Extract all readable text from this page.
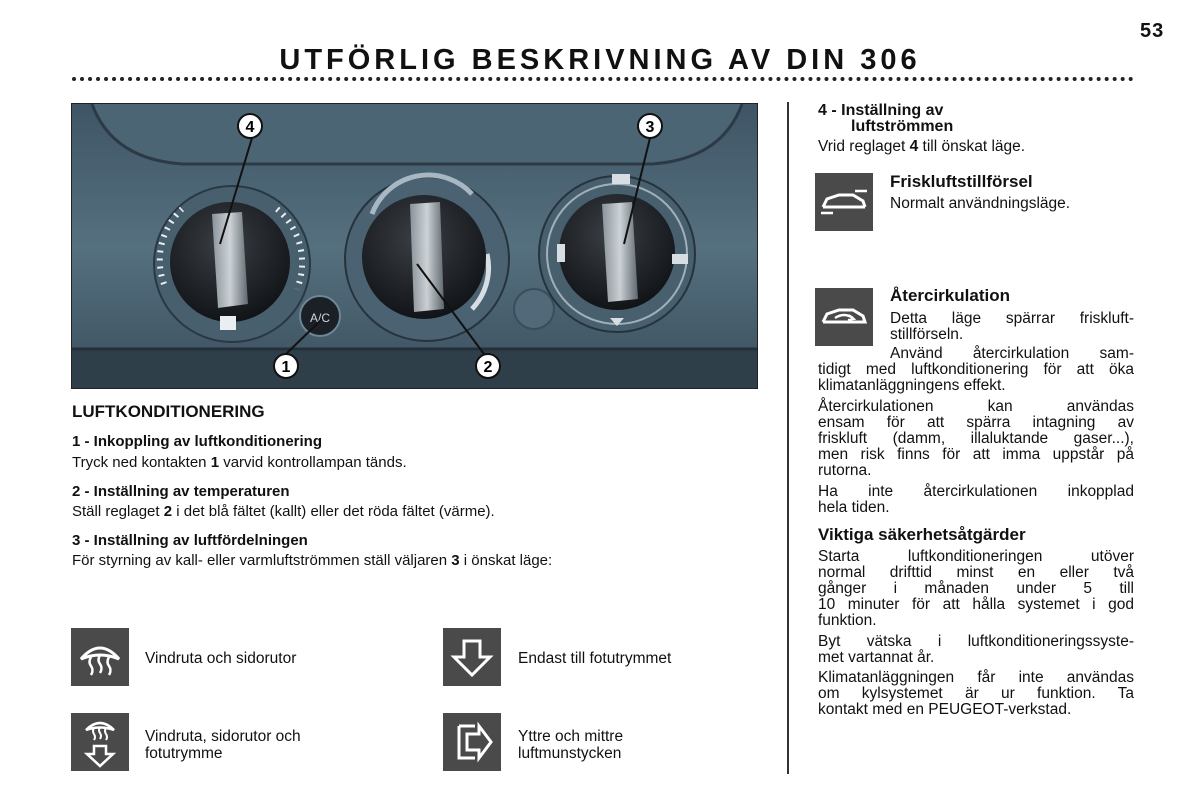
53
UTFÖRLIG BESKRIVNING AV DIN 306
A/C
4	3
1	2
LUFTKONDITIONERING
1 - Inkoppling av luftkonditionering
Tryck ned kontakten 1 varvid kontrollampan tänds.
2 - Inställning av temperaturen
Ställ reglaget 2 i det blå fältet (kallt) eller det röda fältet (värme).
3 - Inställning av luftfördelningen
För styrning av kall- eller varmluftströmmen ställ väljaren 3 i önskat läge:
Vindruta och sidorutor	Endast till fotutrymmet
Vindruta, sidorutor och
fotutrymme
Yttre och mittre
luftmunstycken
4 - Inställning av
luftströmmen
Vrid reglaget 4 till önskat läge.
Friskluftstillförsel
Normalt användningsläge.
Återcirkulation
Detta läge spärrar friskluft-
stillförseln.
Använd återcirkulation sam-
tidigt med luftkonditionering för att öka
klimatanläggningens effekt.
Återcirkulationen kan användas
ensam för att spärra intagning av
friskluft (damm, illaluktande gaser...),
men risk finns för att imma uppstår på
rutorna.
Ha inte återcirkulationen inkopplad
hela tiden.
Viktiga säkerhetsåtgärder
Starta luftkonditioneringen utöver
normal drifttid minst en eller två
gånger i månaden under 5 till
10 minuter för att hålla systemet i god
funktion.
Byt vätska i luftkonditioneringssyste-
met vartannat år.
Klimatanläggningen får inte användas
om kylsystemet är ur funktion. Ta
kontakt med en PEUGEOT-verkstad.
